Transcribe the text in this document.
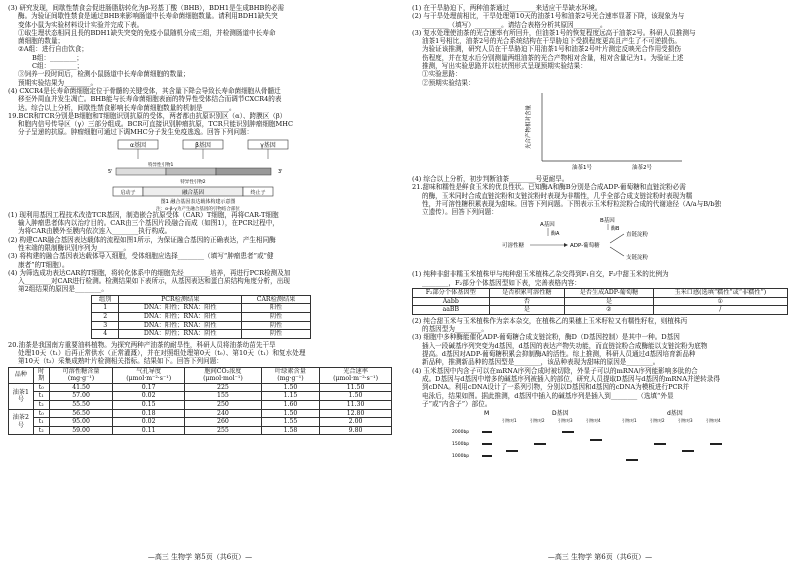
(3) 研究发现，间歇性禁食会促进肠脂肪转化为β-羟基丁酸（BHB），BDH1是生成BHB的必需

酶。为验证间歇性禁食是通过BHB来影响肠道中长寿命菌细胞数量。请利用BDH1缺失突

变体小鼠为实验材料设计实验并完成下表。

①取生理状态相同且長的BDH1缺失突变的免疫小鼠随机分成三组，并检测肠道中长寿命

菌细胞的数量；

②A组：进行自由饮食；

B组：________；

C组：________；

③饲养一段时间后，检测小鼠肠道中长寿命菌细胞的数量；

预期实验结果为________。

(4) CXCR4是长寿命菌细胞定位于骨髓的关键受体，其含量下降会导致长寿命菌细胞从骨髓迁

移至外周血并发生凋亡。BHB能与长寿命菌细胞表面的特异性受体结合而调节CXCR4的表

达。综合以上分析，间歇性禁食影响长寿命菌细胞数量的机制是________。

19.BCR和TCR分别是B细胞和T细胞识别抗原的受体，两者都由抗原识别区（α）、跨膜区（β）

和胞内信号传导区（γ）三部分组成。BCR可直接识别肿瘤抗原，TCR只能识别肿瘤细胞MHC

分子呈递的抗原。肿瘤细胞可通过下调MHC分子发生免疫逃逸。回答下列问题：

α基因	β基因	γ基因
特异性引物1
5'	3'
特异性引物2
启动子	融合基因	终止子
图1 融合基因表达载体构建示意图
注：α-β-γ为产生融合基因的引物结合部位

(1) 现利用基因工程技术改造TCR基因，制造嵌合抗原受体（CAR）T细胞，再将CAR-T细胞

输入肿瘤患者体内以治疗目的。CAR由三个基因片段融合而成（如图1），在PCR过程中，

为将CAR由膜外至膜内依次连入________执行构成。

(2) 构建CAR融合基因表达载体的流程如图1所示，为保证融合基因的正确表达，产生相同酶

性末端的限制酶识别序列为________。

(3) 将构建的融合基因表达载体导入细胞，受体细胞应选择________（填写“肿瘤患者”或“健

康者”的T细胞）。

(4) 为筛选成功表达CAR的T细胞，将转化体系中的细胞先经________培养，再进行PCR检测及加

入________对CAR进行检测。检测结果如下表所示，从基因表达和蛋白质结构角度分析，出现

第2组结果的原因是________。

组别	PCR检测结果	CAR检测结果
1	DNA：阳性；RNA：阳性	阳性
2	DNA：阳性；RNA：阳性	阴性
3	DNA：阳性；RNA：阴性	阴性
4	DNA：阴性；RNA：阴性	阴性

20.油茶是我国南方重要油料植物。为探究两种产油茶的耐旱性，科研人员将油茶幼苗先干旱

处理10天（t₁）后再正常供水（正常灌溉），并在对照组处理第0天（t₀）、第10天（t₁）和复水处理

第10天（t₂）采集成熟叶片检测相关指标。结果如下。回答下列问题：

品种	时期	可溶性糖含量 (mg·g⁻¹)	气孔导度 (μmol·m⁻²·s⁻¹)	胞间CO₂浓度 (μmol·mol⁻¹)	叶绿素含量 (mg·g⁻¹)	光合速率 (μmol·m⁻²·s⁻¹)
油茶1号	t₀	41.50	0.17	225	1.50	11.50
	t₁	57.00	0.02	155	1.15	1.50
	t₂	55.50	0.15	250	1.60	11.30
油茶2号	t₀	56.50	0.18	240	1.50	12.80
	t₁	95.00	0.02	260	1.55	2.00
	t₂	59.00	0.11	255	1.58	9.80
—高三 生物学 第5页（共6页）—

(1) 在干旱胁迫下，两种油茶通过________来适应干旱缺水环境。

(2) 与干旱处理前相比，干旱处理第10天的油茶1号和油茶2号光合速率显著下降，该现象为与

________（填写）________。请结合表格分析其原因________。

(3) 复水处理使油茶的光合速率有所回升，但油茶1号的恢复程度远高于油茶2号。科研人员推测与

油茶1号相比，油茶2号的光合系统结构在干旱胁迫下受损程度更高且产生了不可逆损伤。

为验证该推测，研究人员在干旱胁迫下用油茶1号和油茶2号叶片测定反映光合作用受损伤

伤程度，并在复水后分别测量两组油茶的光合产物相对含量，相对含量记为1。为验证上述

推测，写出实验思路并以柱状图形式呈现预期实验结果：

①实验思路：

②预期实验结果：

光合产物相对含量
油茶1号	油茶2号

(4) 综合以上分析，初步判断油茶________号更耐旱。

21.甜味和糯性是鲜食玉米的优良性状。已知酶A和酶B分别是合成ADP-葡萄糖和直链淀粉必需

的酶，玉米同时合成直链淀粉和支链淀粉时表现为非糯性，几乎全部合成支链淀粉时表现为糯

性，并可溶性糖积累表现为甜味。回答下列问题。下图表示玉米籽粒淀粉合成的代谢途径（A/a与B/b独

立遗传）。回答下列问题：

A基因
B基因
酶A
酶B
可溶性糖	ADP-葡萄糖
直链淀粉
支链淀粉

(1) 纯种非甜非糯玉米植株甲与纯种甜玉米植株乙杂交得到F₁自交，F₂中甜玉米的比例为

________，F₂部分个体基因型如下表，完善表格内容：

F₂部分个体基因型	是否积累可溶性糖	是否生成ADP-葡萄糖	玉米口感(选填“糯性”或“非糯性”)
Aabb	否	是	①
aaBB	是	②	/

(2) 纯合甜玉米与玉米植株作为亲本杂交，在植株乙的果穗上玉米籽粒又有糯性籽粒，则植株丙

的基因型为________。

(3) 细胞中多种酶能催化ADP-葡萄糖合成支链淀粉，酶D（D基因控制）是其中一种。D基因

插入一段碱基序列突变为d基因，d基因的表达产物失功能，而直链淀粉合成酶能以支链淀粉为底物

提高。d基因对ADP-葡萄糖积累会抑制酶A的活性。综上推测，科研人员通过d基因培育新品种

新品种，推测新品种的基因型是________，该品种表现为甜味的原因是________。

(4) 玉米基因中内含子可以在mRNA序列合成时被切除，外显子可以的mRNA序列能影响多肽的合

成。D基因与d基因中增多的碱基序列被插入的部位，研究人员提取D基因与d基因的mRNA并逆转录得

到cDNA。利用cDNA设计了一系列引物，分别以D基因和d基因的cDNA为模板进行PCR并

电泳后，结果如图。据此推测，d基因中插入的碱基序列是插入到________（选填“外显

子”或“内含子”）部位。

M	D基因	d基因
引物对1	引物对2	引物对3	引物对4	引物对1	引物对2	引物对3	引物对4
2000bp
1500bp
1000bp
—高三 生物学 第6页（共6页）—
